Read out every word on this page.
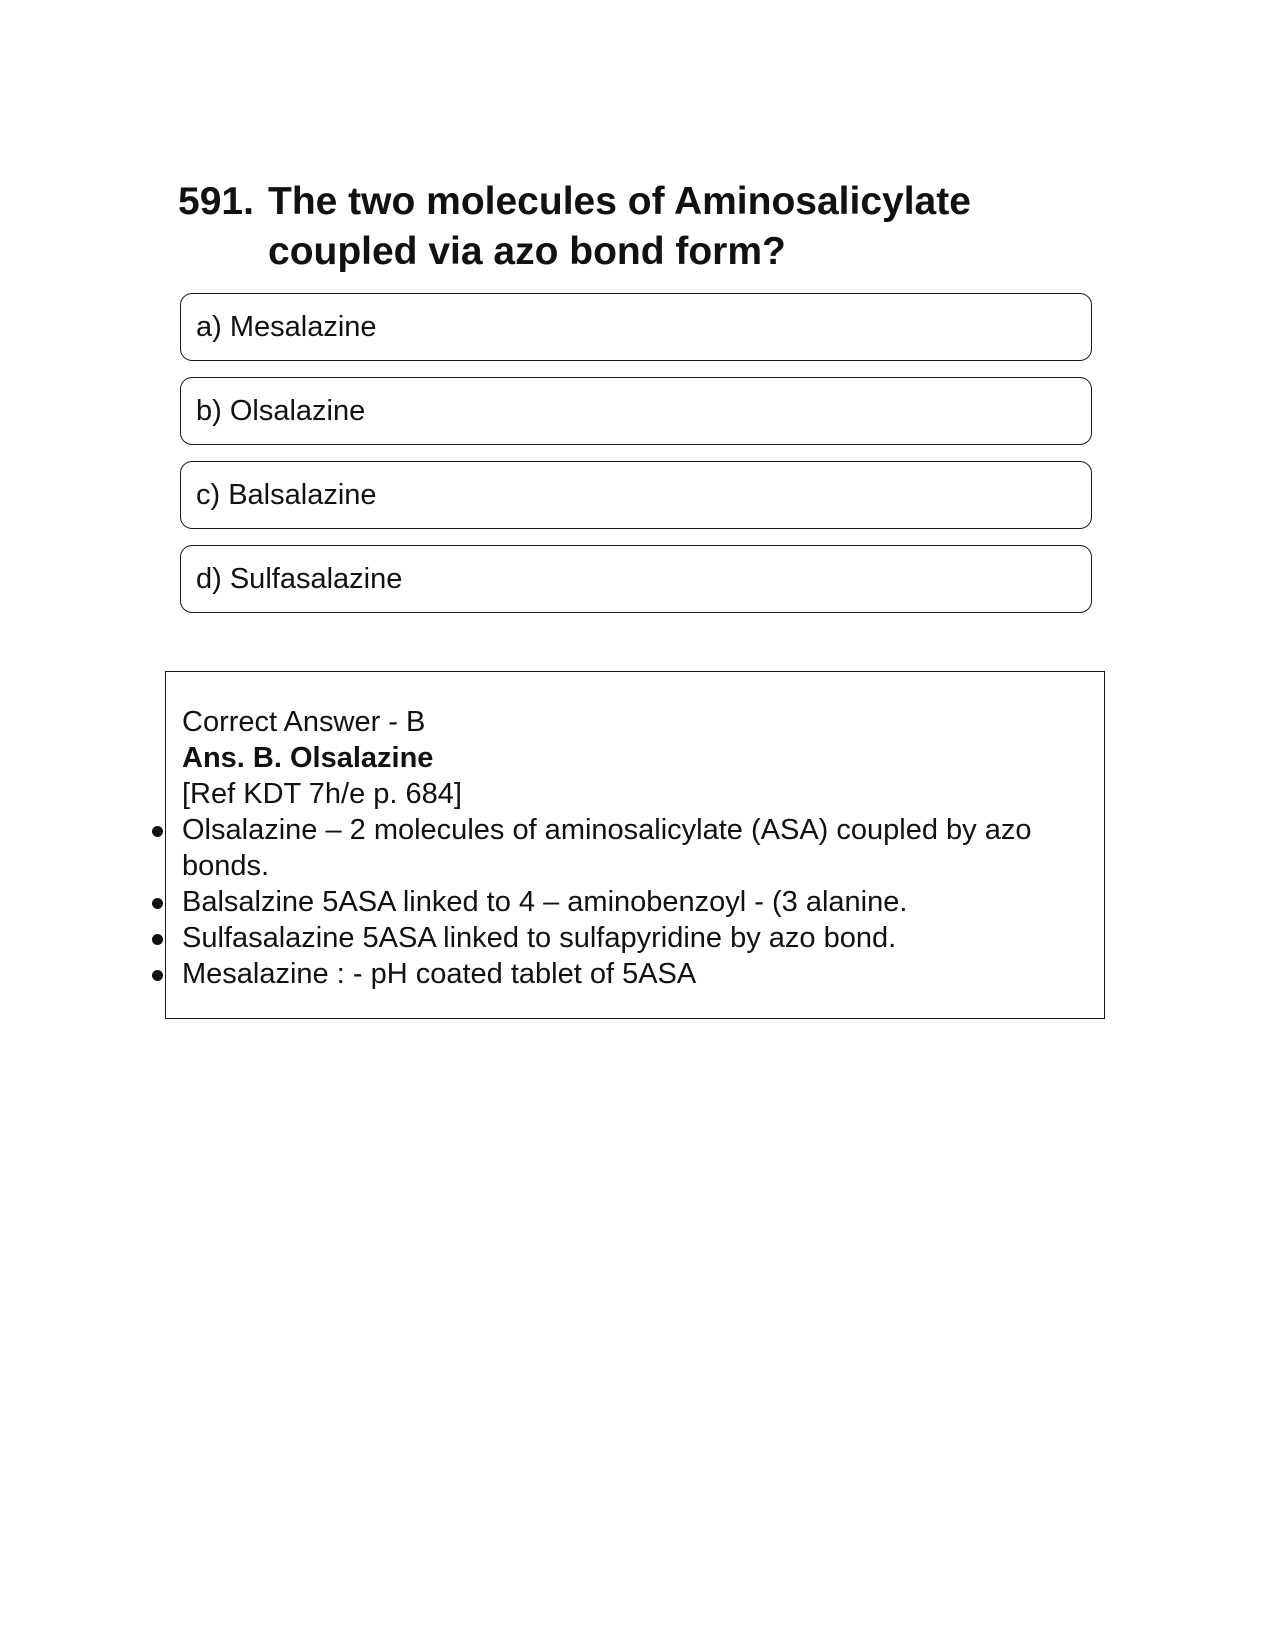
591. The two molecules of Aminosalicylate coupled via azo bond form?
a) Mesalazine
b) Olsalazine
c) Balsalazine
d) Sulfasalazine
Correct Answer - B
Ans. B. Olsalazine
[Ref KDT 7h/e p. 684]
Olsalazine – 2 molecules of aminosalicylate (ASA) coupled by azo bonds.
Balsalzine 5ASA linked to 4 – aminobenzoyl - (3 alanine.
Sulfasalazine 5ASA linked to sulfapyridine by azo bond.
Mesalazine : - pH coated tablet of 5ASA
